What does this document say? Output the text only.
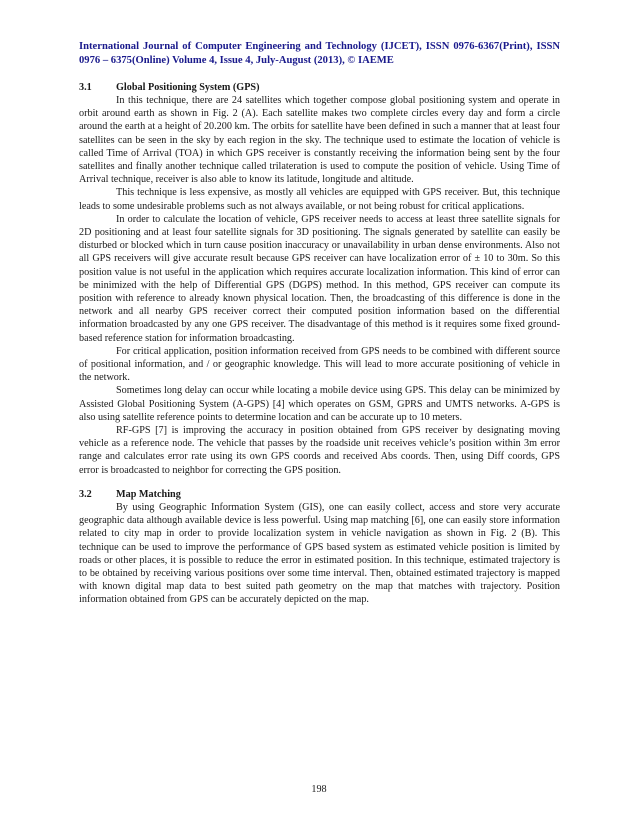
International Journal of Computer Engineering and Technology (IJCET), ISSN 0976-6367(Print), ISSN 0976 – 6375(Online) Volume 4, Issue 4, July-August (2013), © IAEME

3.1	Global Positioning System (GPS)

In this technique, there are 24 satellites which together compose global positioning system and operate in orbit around earth as shown in Fig. 2 (A). Each satellite makes two complete circles every day and form a circle around the earth at a height of 20.200 km. The orbits for satellite have been defined in such a manner that at least four satellites can be seen in the sky by each region in the sky. The technique used to estimate the location of vehicle is called Time of Arrival (TOA) in which GPS receiver is constantly receiving the information being sent by the four satellites and finally another technique called trilateration is used to compute the position of vehicle. Using Time of Arrival technique, receiver is also able to know its latitude, longitude and altitude.

This technique is less expensive, as mostly all vehicles are equipped with GPS receiver. But, this technique leads to some undesirable problems such as not always available, or not being robust for critical applications.

In order to calculate the location of vehicle, GPS receiver needs to access at least three satellite signals for 2D positioning and at least four satellite signals for 3D positioning. The signals generated by satellite can easily be disturbed or blocked which in turn cause position inaccuracy or unavailability in urban dense environments. Also not all GPS receivers will give accurate result because GPS receiver can have localization error of ± 10 to 30m. So this position value is not useful in the application which requires accurate localization information. This kind of error can be minimized with the help of Differential GPS (DGPS) method. In this method, GPS receiver can compute its position with reference to already known physical location. Then, the broadcasting of this difference is done in the network and all nearby GPS receiver correct their computed position information based on the differential information broadcasted by any one GPS receiver. The disadvantage of this method is it requires some fixed ground-based reference station for information broadcasting.

For critical application, position information received from GPS needs to be combined with different source of positional information, and / or geographic knowledge. This will lead to more accurate positioning of vehicle in the network.

Sometimes long delay can occur while locating a mobile device using GPS. This delay can be minimized by Assisted Global Positioning System (A-GPS) [4] which operates on GSM, GPRS and UMTS networks. A-GPS is also using satellite reference points to determine location and can be accurate up to 10 meters.

RF-GPS [7] is improving the accuracy in position obtained from GPS receiver by designating moving vehicle as a reference node. The vehicle that passes by the roadside unit receives vehicle’s position within 3m error range and calculates error rate using its own GPS coords and received Abs coords. Then, using Diff coords, GPS error is broadcasted to neighbor for correcting the GPS position.

3.2	Map Matching

By using Geographic Information System (GIS), one can easily collect, access and store very accurate geographic data although available device is less powerful. Using map matching [6], one can easily store information related to city map in order to provide localization system in vehicle navigation as shown in Fig. 2 (B). This technique can be used to improve the performance of GPS based system as estimated vehicle position is limited by roads or other places, it is possible to reduce the error in estimated position. In this technique, estimated trajectory is to be obtained by receiving various positions over some time interval. Then, obtained estimated trajectory is mapped with known digital map data to best suited path geometry on the map that matches with trajectory. Position information obtained from GPS can be accurately depicted on the map.

198
